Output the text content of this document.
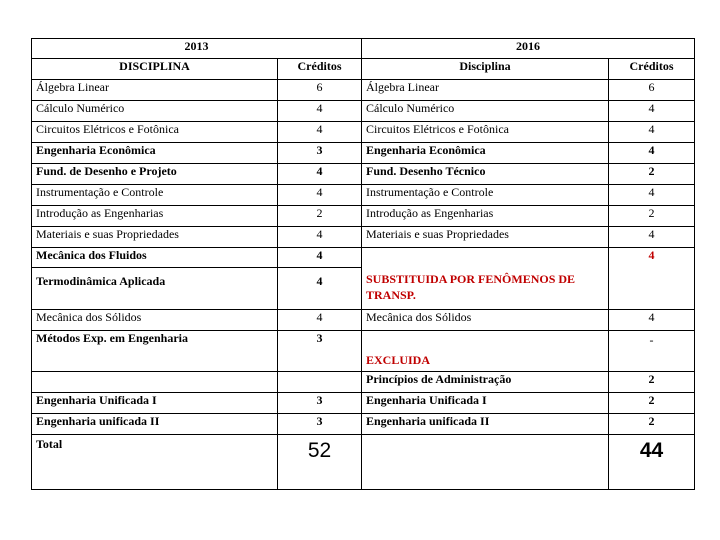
2013		2016	
DISCIPLINA	Créditos	Disciplina	Créditos
Álgebra Linear	6	Álgebra Linear	6
Cálculo Numérico	4	Cálculo Numérico	4
Circuitos Elétricos e Fotônica	4	Circuitos Elétricos e Fotônica	4
Engenharia Econômica	3	Engenharia Econômica	4
Fund. de Desenho e Projeto	4	Fund. Desenho Técnico	2
Instrumentação e Controle	4	Instrumentação e Controle	4
Introdução as Engenharias	2	Introdução as Engenharias	2
Materiais e suas Propriedades	4	Materiais e suas Propriedades	4
Mecânica dos Fluidos	4		4
Termodinâmica Aplicada	4	SUBSTITUIDA POR FENÔMENOS DE TRANSP.	
Mecânica dos Sólidos	4	Mecânica dos Sólidos	4
Métodos Exp. em Engenharia	3	EXCLUIDA	-
		Princípios de Administração	2
Engenharia Unificada I	3	Engenharia Unificada I	2
Engenharia unificada II	3	Engenharia unificada II	2
Total	52		44
